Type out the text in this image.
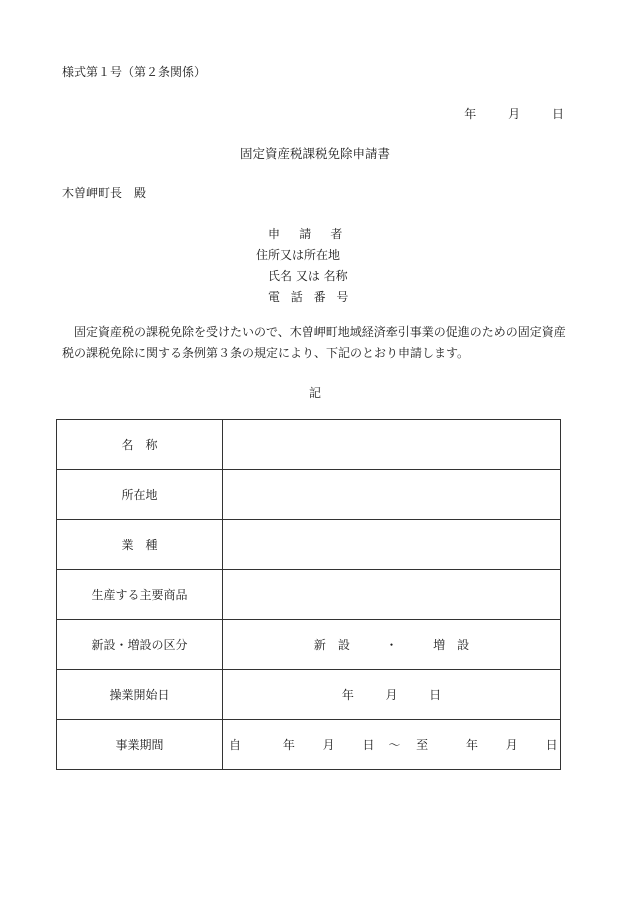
様式第１号（第２条関係）
年	月	日
固定資産税課税免除申請書
木曽岬町長　殿
申請者
住所又は所在地
氏名 又は 名称
電話番号
固定資産税の課税免除を受けたいので、木曽岬町地域経済牽引事業の促進のための固定資産税の課税免除に関する条例第３条の規定により、下記のとおり申請します。
記
名　称	
所在地	
業　種	
生産する主要商品	
新設・増設の区分	新　設 ・ 増　設
操業開始日	年 月 日
事業期間	自 年 月 日 ～ 至 年 月 日
